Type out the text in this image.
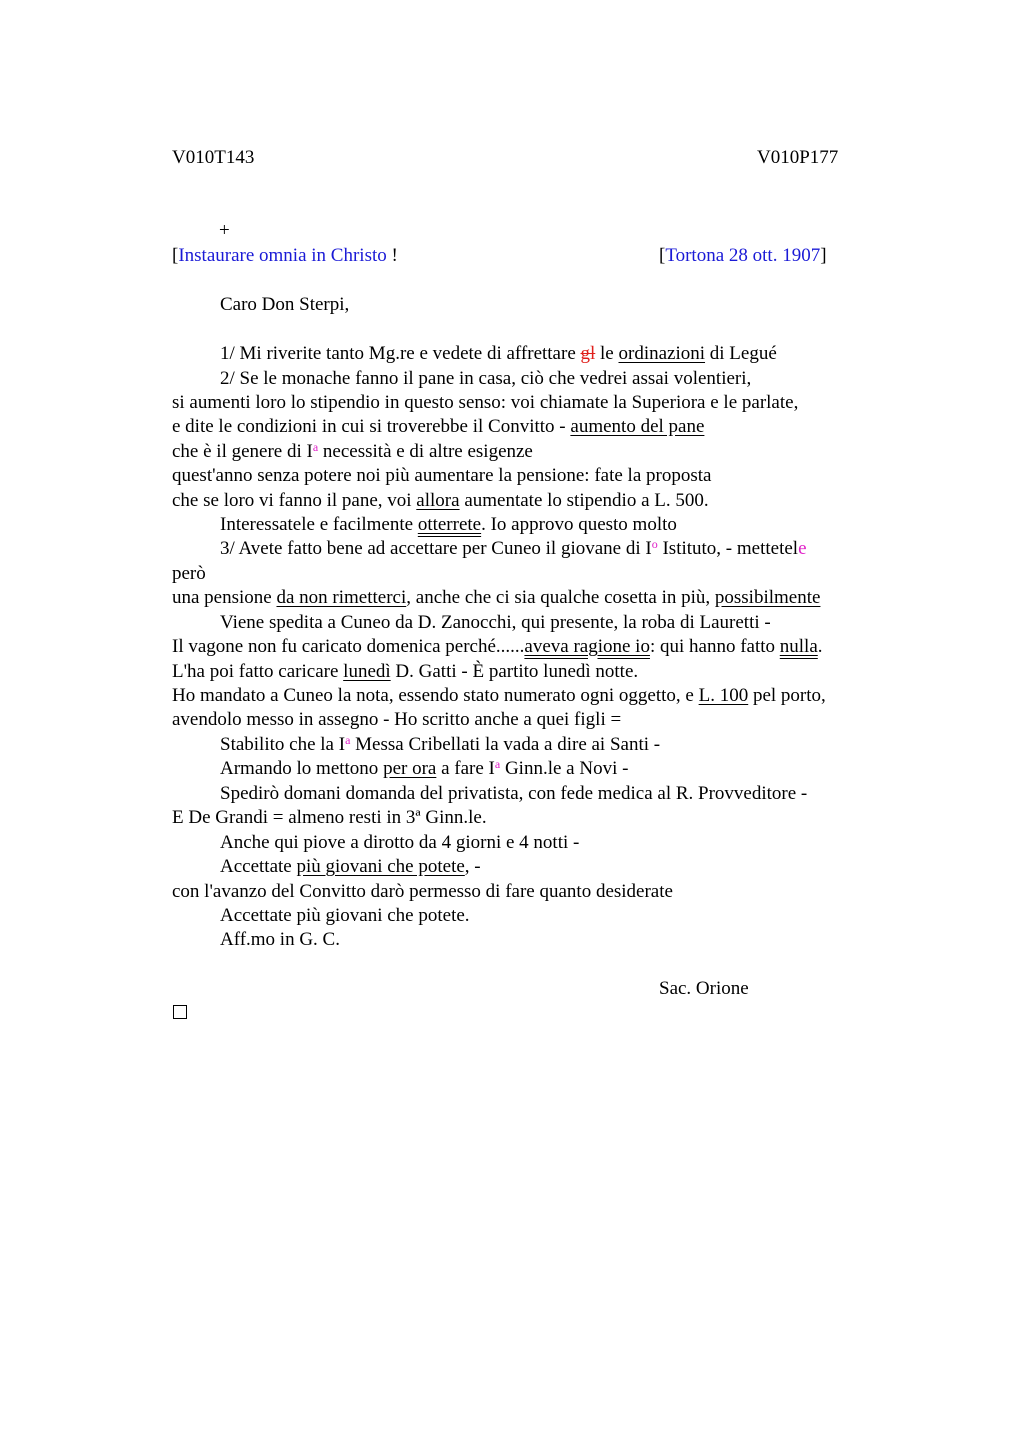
V010T143	V010P177
+
[Instaurare omnia in Christo !	[Tortona 28 ott. 1907]
Caro Don Sterpi,
1/ Mi riverite tanto Mg.re e vedete di affrettare gl le ordinazioni di Legué
2/ Se le monache fanno il pane in casa, ciò che vedrei assai volentieri,
si aumenti loro lo stipendio in questo senso: voi chiamate la Superiora e le parlate,
e dite le condizioni in cui si troverebbe il Convitto - aumento del pane
che è il genere di $I^a$ necessità e di altre esigenze
quest'anno senza potere noi più aumentare la pensione: fate la proposta
che se loro vi fanno il pane, voi allora aumentate lo stipendio a L. 500.
Interessatele e facilmente otterrete. Io approvo questo molto
3/ Avete fatto bene ad accettare per Cuneo il giovane di $I^o$ Istituto, - mettetele
però
una pensione da non rimetterci, anche che ci sia qualche cosetta in più, possibilmente
Viene spedita a Cuneo da D. Zanocchi, qui presente, la roba di Lauretti -
Il vagone non fu caricato domenica perché......aveva ragione io: qui hanno fatto nulla.
L'ha poi fatto caricare lunedì D. Gatti - È partito lunedì notte.
Ho mandato a Cuneo la nota, essendo stato numerato ogni oggetto, e L. 100 pel porto,
avendolo messo in assegno - Ho scritto anche a quei figli =
Stabilito che la $I^a$ Messa Cribellati la vada a dire ai Santi -
Armando lo mettono per ora a fare $I^a$ Ginn.le a Novi -
Spedirò domani domanda del privatista, con fede medica al R. Provveditore -
E De Grandi = almeno resti in 3ª Ginn.le.
Anche qui piove a dirotto da 4 giorni e 4 notti -
Accettate più giovani che potete, -
con l'avanzo del Convitto darò permesso di fare quanto desiderate
Accettate più giovani che potete.
Aff.mo in G. C.
Sac. Orione
